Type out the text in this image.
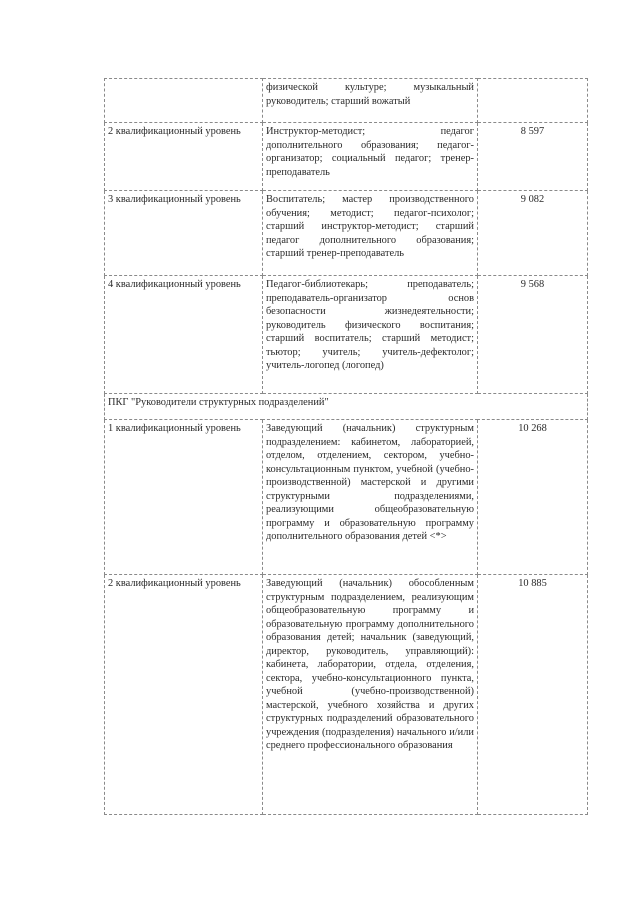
	физической культуре; музыкальный руководитель; старший вожатый	
2 квалификационный уровень	Инструктор-методист; педагог дополнительного образования; педагог-организатор; социальный педагог; тренер-преподаватель	8 597
3 квалификационный уровень	Воспитатель; мастер производственного обучения; методист; педагог-психолог; старший инструктор-методист; старший педагог дополнительного образования; старший тренер-преподаватель	9 082
4 квалификационный уровень	Педагог-библиотекарь; преподаватель; преподаватель-организатор основ безопасности жизнедеятельности; руководитель физического воспитания; старший воспитатель; старший методист; тьютор; учитель; учитель-дефектолог; учитель-логопед (логопед)	9 568
ПКГ "Руководители структурных подразделений"		
1 квалификационный уровень	Заведующий (начальник) структурным подразделением: кабинетом, лабораторией, отделом, отделением, сектором, учебно-консультационным пунктом, учебной (учебно-производственной) мастерской и другими структурными подразделениями, реализующими общеобразовательную программу и образовательную программу дополнительного образования детей <*>	10 268
2 квалификационный уровень	Заведующий (начальник) обособленным структурным подразделением, реализующим общеобразовательную программу и образовательную программу дополнительного образования детей; начальник (заведующий, директор, руководитель, управляющий): кабинета, лаборатории, отдела, отделения, сектора, учебно-консультационного пункта, учебной (учебно-производственной) мастерской, учебного хозяйства и других структурных подразделений образовательного учреждения (подразделения) начального и/или среднего профессионального образования	10 885
